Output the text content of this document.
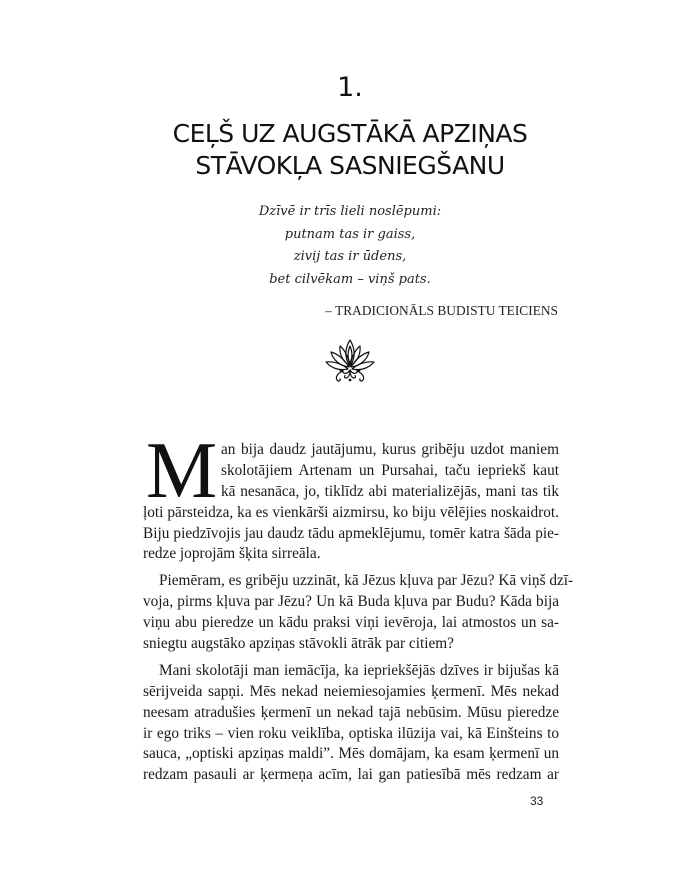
1.
CEĻŠ UZ AUGSTĀKĀ APZIŅAS
STĀVOKĻA SASNIEGŠANU
Dzīvē ir trīs lieli noslēpumi:
putnam tas ir gaiss,
zivij tas ir ūdens,
bet cilvēkam – viņš pats.
– TRADICIONĀLS BUDISTU TEICIENS
M an bija daudz jautājumu, kurus gribēju uzdot maniem
skolotājiem Artenam un Pursahai, taču iepriekš kaut
kā nesanāca, jo, tiklīdz abi materializējās, mani tas tik
ļoti pārsteidza, ka es vienkārši aizmirsu, ko biju vēlējies noskaidrot.
Biju piedzīvojis jau daudz tādu apmeklējumu, tomēr katra šāda pie-
redze joprojām šķita sirreāla.
Piemēram, es gribēju uzzināt, kā Jēzus kļuva par Jēzu? Kā viņš dzī-
voja, pirms kļuva par Jēzu? Un kā Buda kļuva par Budu? Kāda bija
viņu abu pieredze un kādu praksi viņi ievēroja, lai atmostos un sa-
sniegtu augstāko apziņas stāvokli ātrāk par citiem?
Mani skolotāji man iemācīja, ka iepriekšējās dzīves ir bijušas kā
sērijveida sapņi. Mēs nekad neiemiesojamies ķermenī. Mēs nekad
neesam atradušies ķermenī un nekad tajā nebūsim. Mūsu pieredze
ir ego triks – vien roku veiklība, optiska ilūzija vai, kā Einšteins to
sauca, „optiski apziņas maldi”. Mēs domājam, ka esam ķermenī un
redzam pasauli ar ķermeņa acīm, lai gan patiesībā mēs redzam ar
33
